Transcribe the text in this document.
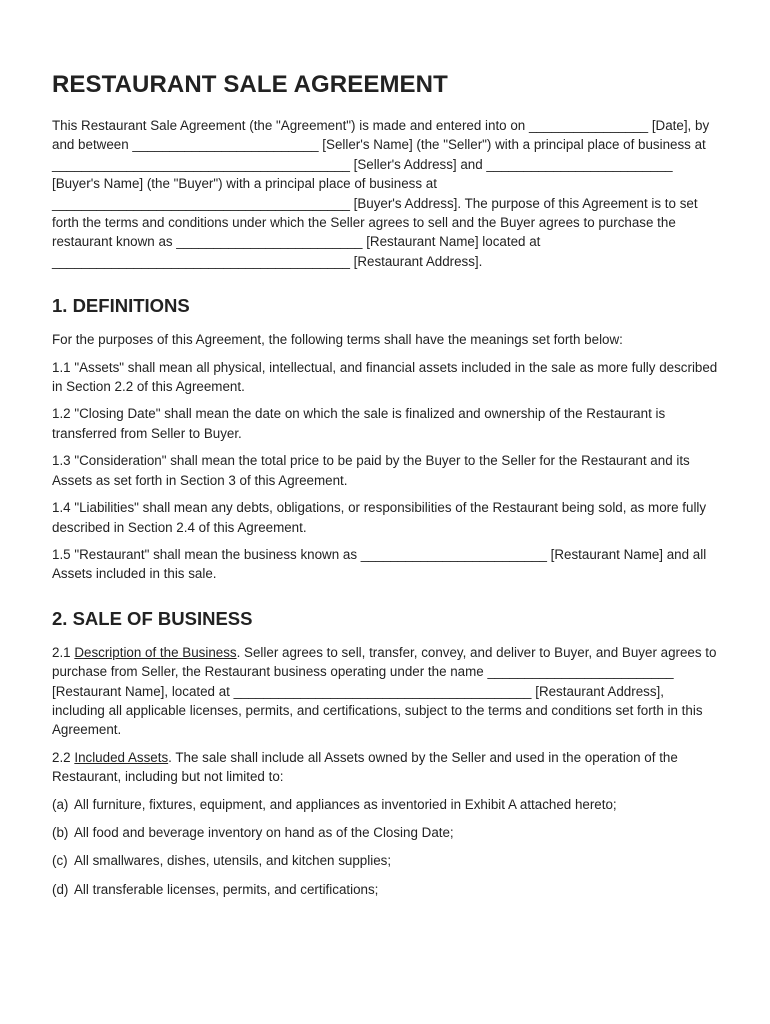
RESTAURANT SALE AGREEMENT

This Restaurant Sale Agreement (the "Agreement") is made and entered into on ________________ [Date], by and between _________________________ [Seller's Name] (the "Seller") with a principal place of business at ________________________________________ [Seller's Address] and _________________________ [Buyer's Name] (the "Buyer") with a principal place of business at ________________________________________ [Buyer's Address]. The purpose of this Agreement is to set forth the terms and conditions under which the Seller agrees to sell and the Buyer agrees to purchase the restaurant known as _________________________ [Restaurant Name] located at ________________________________________ [Restaurant Address].

1. DEFINITIONS

For the purposes of this Agreement, the following terms shall have the meanings set forth below:

1.1 "Assets" shall mean all physical, intellectual, and financial assets included in the sale as more fully described in Section 2.2 of this Agreement.

1.2 "Closing Date" shall mean the date on which the sale is finalized and ownership of the Restaurant is transferred from Seller to Buyer.

1.3 "Consideration" shall mean the total price to be paid by the Buyer to the Seller for the Restaurant and its Assets as set forth in Section 3 of this Agreement.

1.4 "Liabilities" shall mean any debts, obligations, or responsibilities of the Restaurant being sold, as more fully described in Section 2.4 of this Agreement.

1.5 "Restaurant" shall mean the business known as _________________________ [Restaurant Name] and all Assets included in this sale.

2. SALE OF BUSINESS

2.1 Description of the Business. Seller agrees to sell, transfer, convey, and deliver to Buyer, and Buyer agrees to purchase from Seller, the Restaurant business operating under the name _________________________ [Restaurant Name], located at ________________________________________ [Restaurant Address], including all applicable licenses, permits, and certifications, subject to the terms and conditions set forth in this Agreement.

2.2 Included Assets. The sale shall include all Assets owned by the Seller and used in the operation of the Restaurant, including but not limited to:

(a) All furniture, fixtures, equipment, and appliances as inventoried in Exhibit A attached hereto;
(b) All food and beverage inventory on hand as of the Closing Date;
(c) All smallwares, dishes, utensils, and kitchen supplies;
(d) All transferable licenses, permits, and certifications;
